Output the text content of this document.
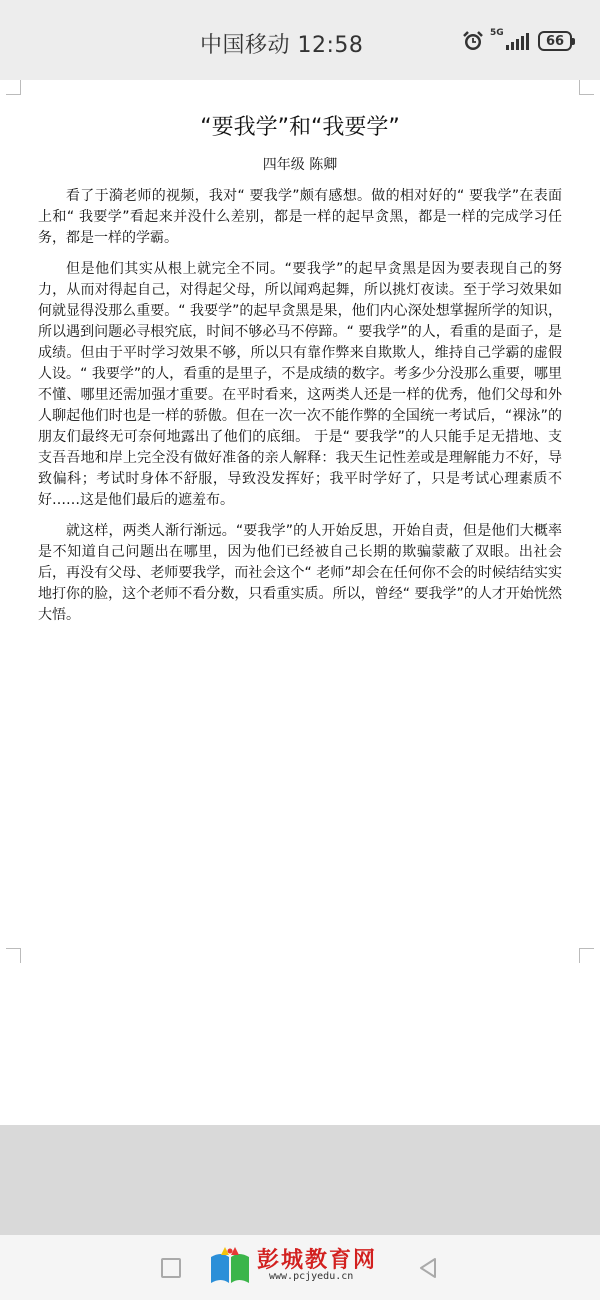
中国移动 12:58	5G
66
“要我学”和“我要学”
四年级 陈卿

看了于漪老师的视频，我对“ 要我学”颇有感想。做的相对好的“ 要我学”在表面上和“ 我要学”看起来并没什么差别，都是一样的起早贪黑，都是一样的完成学习任务，都是一样的学霸。

但是他们其实从根上就完全不同。“要我学”的起早贪黑是因为要表现自己的努力，从而对得起自己，对得起父母，所以闻鸡起舞，所以挑灯夜读。至于学习效果如何就显得没那么重要。“ 我要学”的起早贪黑是果，他们内心深处想掌握所学的知识，所以遇到问题必寻根究底，时间不够必马不停蹄。“ 要我学”的人，看重的是面子，是成绩。但由于平时学习效果不够，所以只有靠作弊来自欺欺人，维持自己学霸的虚假人设。“ 我要学”的人，看重的是里子，不是成绩的数字。考多少分没那么重要，哪里不懂、哪里还需加强才重要。在平时看来，这两类人还是一样的优秀，他们父母和外人聊起他们时也是一样的骄傲。但在一次一次不能作弊的全国统一考试后，“裸泳”的朋友们最终无可奈何地露出了他们的底细。 于是“ 要我学”的人只能手足无措地、支支吾吾地和岸上完全没有做好准备的亲人解释：我天生记性差或是理解能力不好，导致偏科；考试时身体不舒服，导致没发挥好；我平时学好了，只是考试心理素质不好……这是他们最后的遮羞布。

就这样，两类人渐行渐远。“要我学”的人开始反思，开始自责，但是他们大概率是不知道自己问题出在哪里，因为他们已经被自己长期的欺骗蒙蔽了双眼。出社会后，再没有父母、老师要我学，而社会这个“ 老师”却会在任何你不会的时候结结实实地打你的脸，这个老师不看分数，只看重实质。所以，曾经“ 要我学”的人才开始恍然大悟。

彭城教育网
www.pcjyedu.cn
